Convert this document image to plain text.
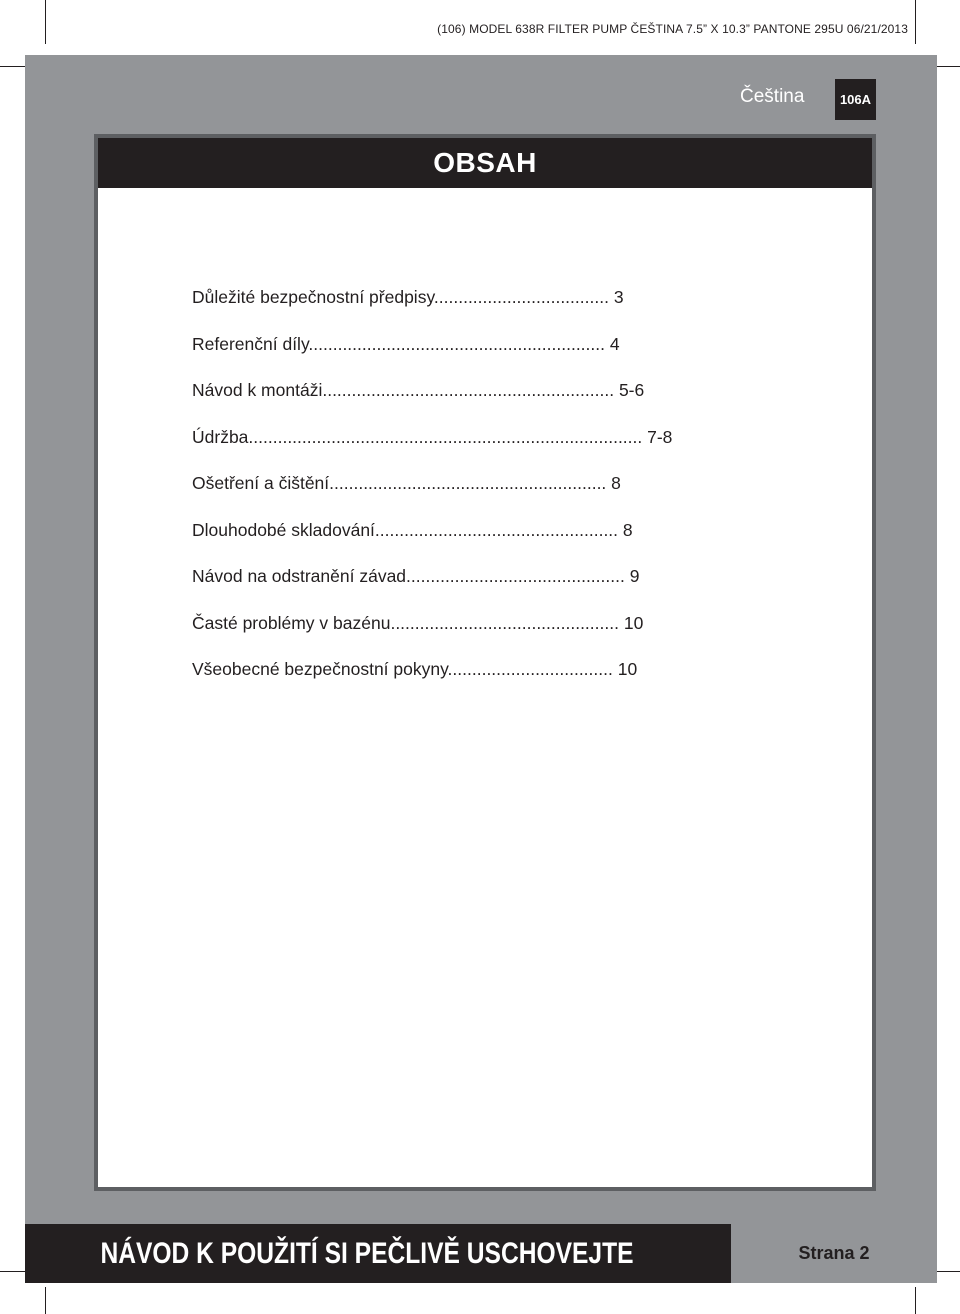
(106) MODEL 638R FILTER PUMP ČEŠTINA 7.5” X 10.3” PANTONE 295U 06/21/2013
Čeština	106A
OBSAH
Důležité bezpečnostní předpisy.................................... 3
Referenční díly............................................................. 4
Návod k montáži............................................................ 5-6
Údržba................................................................................. 7-8
Ošetření a čištění......................................................... 8
Dlouhodobé skladování.................................................. 8
Návod na odstranění závad............................................. 9
Časté problémy v bazénu............................................... 10
Všeobecné bezpečnostní pokyny.................................. 10
NÁVOD K POUŽITÍ SI PEČLIVĚ USCHOVEJTE	Strana 2
